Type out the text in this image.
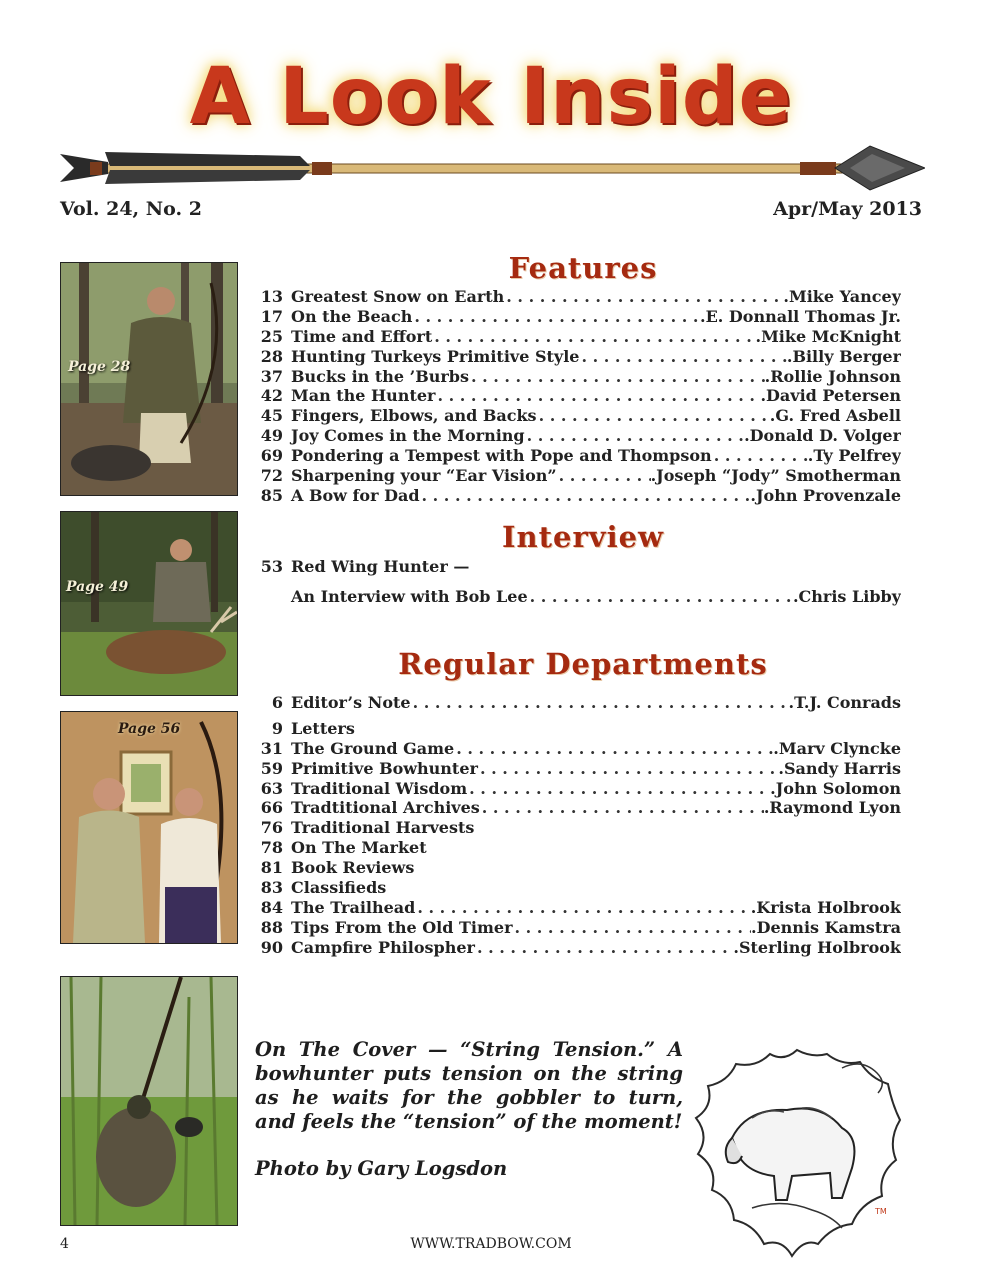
A Look Inside
Vol. 24, No. 2	Apr/May 2013
Page 28
Page 49
Page 56
Features
13 Greatest Snow on Earth . . .	.Mike Yancey
17 On the Beach . . .	.E. Donnall Thomas Jr.
25 Time and Effort . . .	.Mike McKnight
28 Hunting Turkeys Primitive Style . . .	.Billy Berger
37 Bucks in the ’Burbs . . .	.Rollie Johnson
42 Man the Hunter . . .	.David Petersen
45 Fingers, Elbows, and Backs . . .	.G. Fred Asbell
49 Joy Comes in the Morning . . .	.Donald D. Volger
69 Pondering a Tempest with Pope and Thompson . . .	.Ty Pelfrey
72 Sharpening your “Ear Vision” . . .	.Joseph “Jody” Smotherman
85 A Bow for Dad . . .	.John Provenzale
Interview
53 Red Wing Hunter —
An Interview with Bob Lee . . .	.Chris Libby
Regular Departments
6 Editor’s Note . . .	.T.J. Conrads
9 Letters
31 The Ground Game . . .	.Marv Clyncke
59 Primitive Bowhunter . . .	.Sandy Harris
63 Traditional Wisdom . . .	.John Solomon
66 Tradtitional Archives . . .	.Raymond Lyon
76 Traditional Harvests
78 On The Market
81 Book Reviews
83 Classifieds
84 The Trailhead . . .	.Krista Holbrook
88 Tips From the Old Timer . . .	.Dennis Kamstra
90 Campfire Philospher . . .	.Sterling Holbrook
On The Cover — “String Tension.” A bowhunter puts tension on the string as he waits for the gobbler to turn, and feels the “tension” of the moment!
Photo by Gary Logsdon
TM
4	WWW.TRADBOW.COM
